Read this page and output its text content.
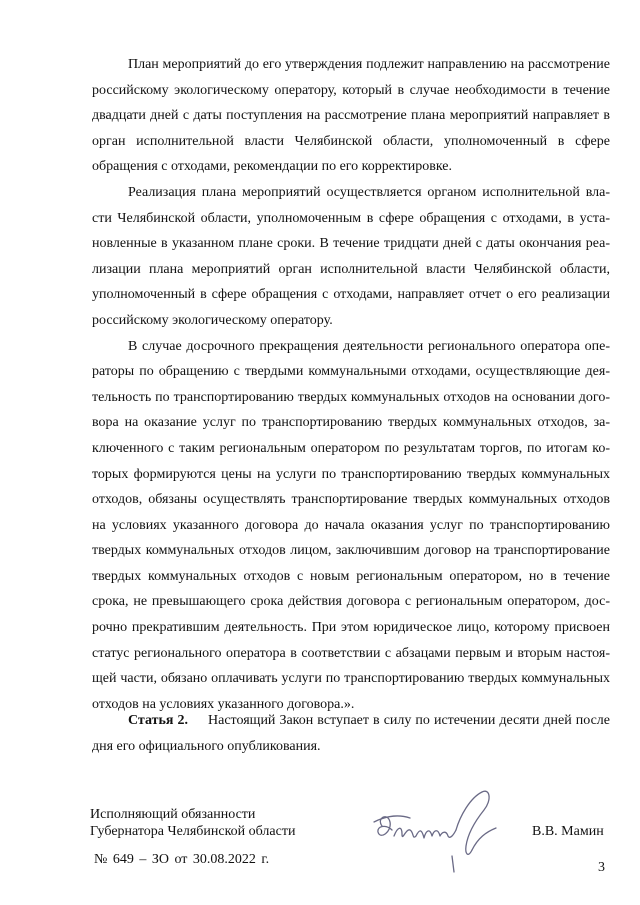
План мероприятий до его утверждения подлежит направлению на рассмотрение российскому экологическому оператору, который в случае необходимости в течение двадцати дней с даты поступления на рассмотрение плана мероприятий направляет в орган исполнительной власти Челябинской области, уполномоченный в сфере обращения с отходами, рекомендации по его корректировке.

Реализация плана мероприятий осуществляется органом исполнительной власти Челябинской области, уполномоченным в сфере обращения с отходами, в установленные в указанном плане сроки. В течение тридцати дней с даты окончания реализации плана мероприятий орган исполнительной власти Челябинской области, уполномоченный в сфере обращения с отходами, направляет отчет о его реализации российскому экологическому оператору.

В случае досрочного прекращения деятельности регионального оператора операторы по обращению с твердыми коммунальными отходами, осуществляющие деятельность по транспортированию твердых коммунальных отходов на основании договора на оказание услуг по транспортированию твердых коммунальных отходов, заключенного с таким региональным оператором по результатам торгов, по итогам которых формируются цены на услуги по транспортированию твердых коммунальных отходов, обязаны осуществлять транспортирование твердых коммунальных отходов на условиях указанного договора до начала оказания услуг по транспортированию твердых коммунальных отходов лицом, заключившим договор на транспортирование твердых коммунальных отходов с новым региональным оператором, но в течение срока, не превышающего срока действия договора с региональным оператором, досрочно прекратившим деятельность. При этом юридическое лицо, которому присвоен статус регионального оператора в соответствии с абзацами первым и вторым настоящей части, обязано оплачивать услуги по транспортированию твердых коммунальных отходов на условиях указанного договора.».

Статья 2. Настоящий Закон вступает в силу по истечении десяти дней после дня его официального опубликования.

Исполняющий обязанности
Губернатора Челябинской области	В.В. Мамин
№ 649 – ЗО от 30.08.2022 г.
3
